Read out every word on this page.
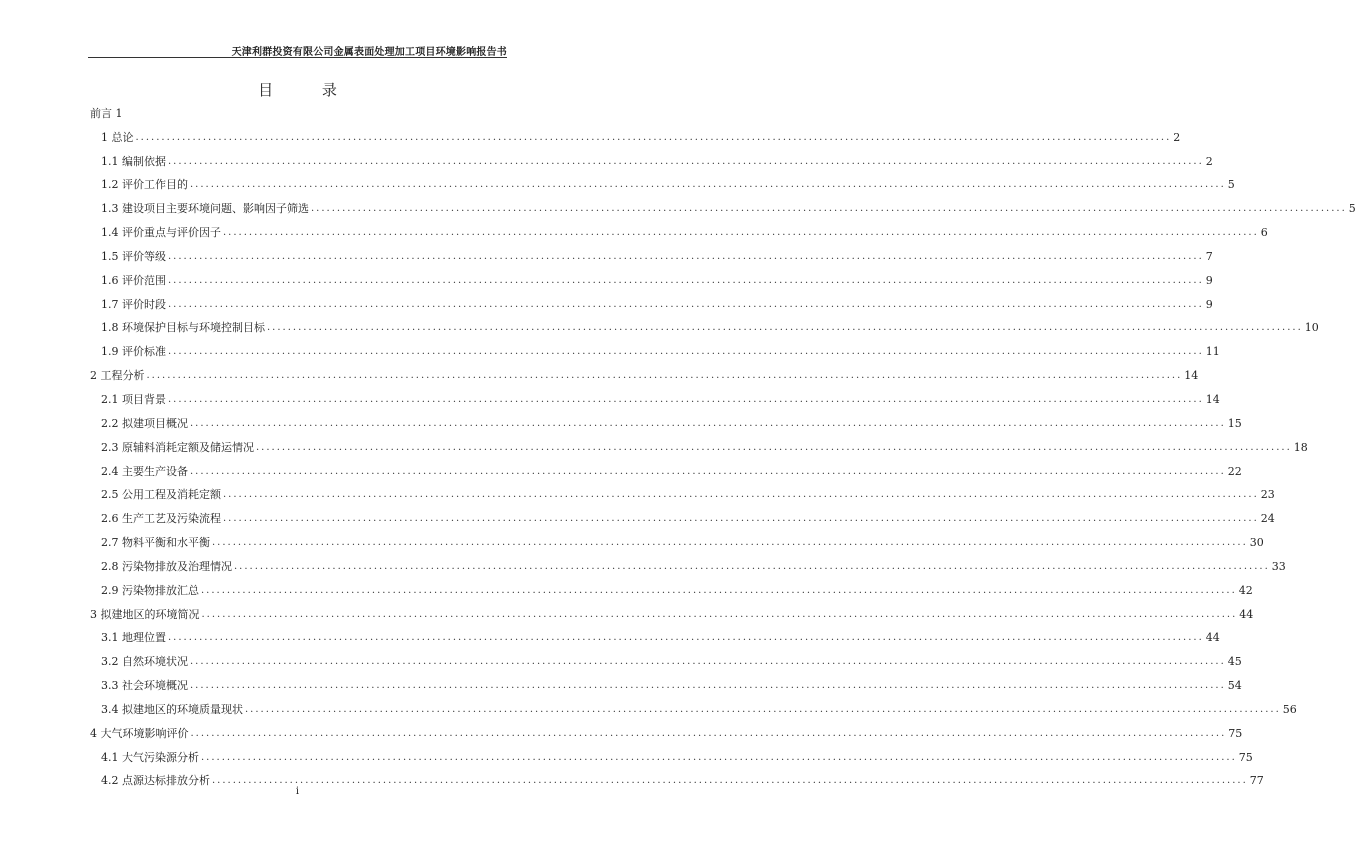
天津利群投资有限公司金属表面处理加工项目环境影响报告书
目 录
前言 1
1 总论 ........................................................................................................................................................................................................ 2
1.1 编制依据 ........................................................................................................................................................................................................ 2
1.2 评价工作目的 ........................................................................................................................................................................................................ 5
1.3 建设项目主要环境问题、影响因子筛选 ........................................................................................................................................................................................................ 5
1.4 评价重点与评价因子 ........................................................................................................................................................................................................ 6
1.5 评价等级 ........................................................................................................................................................................................................ 7
1.6 评价范围 ........................................................................................................................................................................................................ 9
1.7 评价时段 ........................................................................................................................................................................................................ 9
1.8 环境保护目标与环境控制目标 ........................................................................................................................................................................................................ 10
1.9 评价标准 ........................................................................................................................................................................................................ 11
2 工程分析 ........................................................................................................................................................................................................ 14
2.1 项目背景 ........................................................................................................................................................................................................ 14
2.2 拟建项目概况 ........................................................................................................................................................................................................ 15
2.3 原辅料消耗定额及储运情况 ........................................................................................................................................................................................................ 18
2.4 主要生产设备 ........................................................................................................................................................................................................ 22
2.5 公用工程及消耗定额 ........................................................................................................................................................................................................ 23
2.6 生产工艺及污染流程 ........................................................................................................................................................................................................ 24
2.7 物料平衡和水平衡 ........................................................................................................................................................................................................ 30
2.8 污染物排放及治理情况 ........................................................................................................................................................................................................ 33
2.9 污染物排放汇总 ........................................................................................................................................................................................................ 42
3 拟建地区的环境简况 ........................................................................................................................................................................................................ 44
3.1 地理位置 ........................................................................................................................................................................................................ 44
3.2 自然环境状况 ........................................................................................................................................................................................................ 45
3.3 社会环境概况 ........................................................................................................................................................................................................ 54
3.4 拟建地区的环境质量现状 ........................................................................................................................................................................................................ 56
4 大气环境影响评价 ........................................................................................................................................................................................................ 75
4.1 大气污染源分析 ........................................................................................................................................................................................................ 75
4.2 点源达标排放分析 ........................................................................................................................................................................................................ 77
i
